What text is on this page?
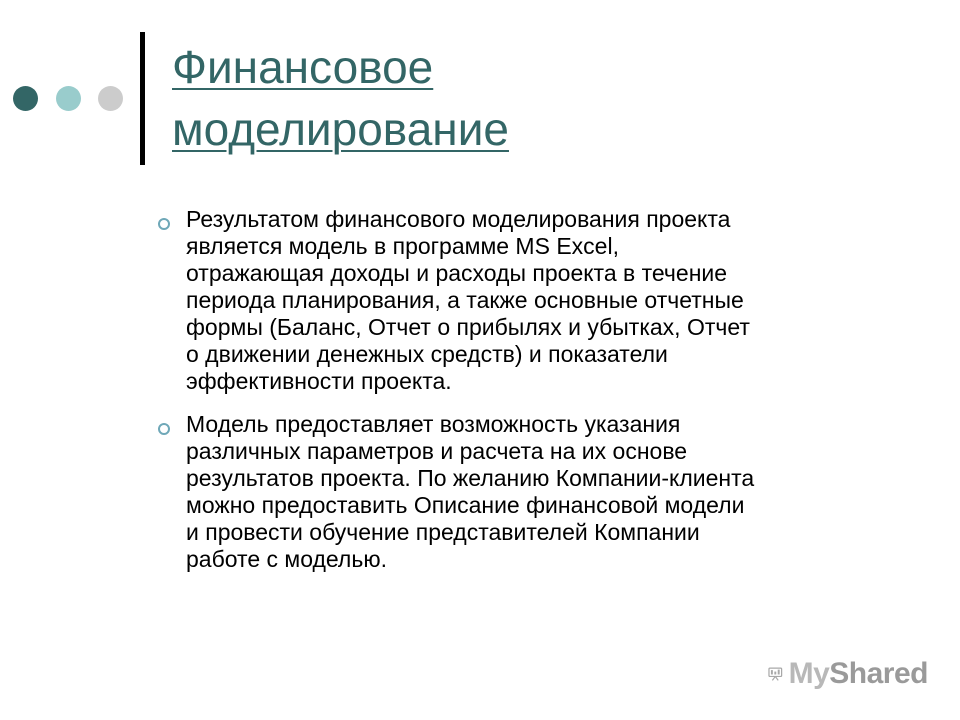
Финансовое
моделирование
Результатом финансового моделирования проекта
является модель в программе MS Excel,
отражающая доходы и расходы проекта в течение
периода планирования, а также основные отчетные
формы (Баланс, Отчет о прибылях и убытках, Отчет
о движении денежных средств) и показатели
эффективности проекта.
Модель предоставляет возможность указания
различных параметров и расчета на их основе
результатов проекта. По желанию Компании-клиента
можно предоставить Описание финансовой модели
и провести обучение представителей Компании
работе с моделью.
MyShared
